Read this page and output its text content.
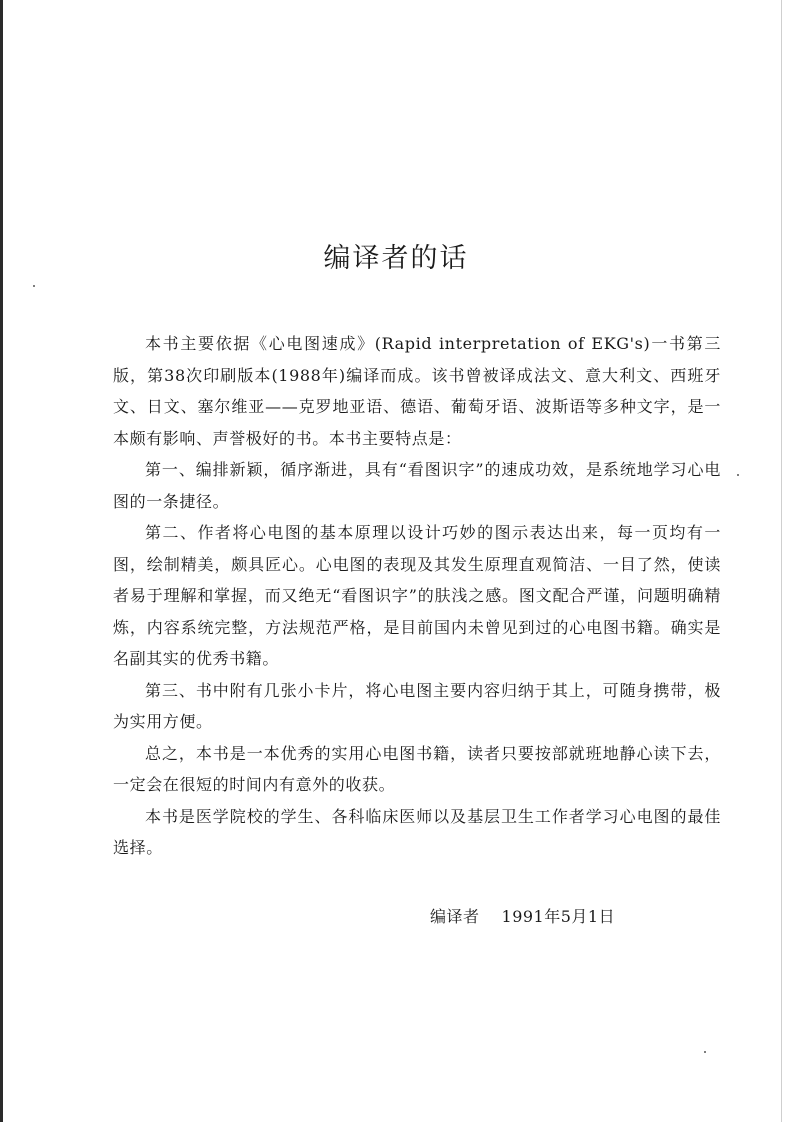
编译者的话

本书主要依据《心电图速成》(Rapid interpretation of EKG's)一书第三版，第38次印刷版本(1988年)编译而成。该书曾被译成法文、意大利文、西班牙文、日文、塞尔维亚——克罗地亚语、德语、葡萄牙语、波斯语等多种文字，是一本颇有影响、声誉极好的书。本书主要特点是：

第一、编排新颖，循序渐进，具有“看图识字”的速成功效，是系统地学习心电图的一条捷径。

第二、作者将心电图的基本原理以设计巧妙的图示表达出来，每一页均有一图，绘制精美，颇具匠心。心电图的表现及其发生原理直观简洁、一目了然，使读者易于理解和掌握，而又绝无“看图识字”的肤浅之感。图文配合严谨，问题明确精炼，内容系统完整，方法规范严格，是目前国内未曾见到过的心电图书籍。确实是名副其实的优秀书籍。

第三、书中附有几张小卡片，将心电图主要内容归纳于其上，可随身携带，极为实用方便。

总之，本书是一本优秀的实用心电图书籍，读者只要按部就班地静心读下去，一定会在很短的时间内有意外的收获。

本书是医学院校的学生、各科临床医师以及基层卫生工作者学习心电图的最佳选择。

编译者 1991年5月1日
